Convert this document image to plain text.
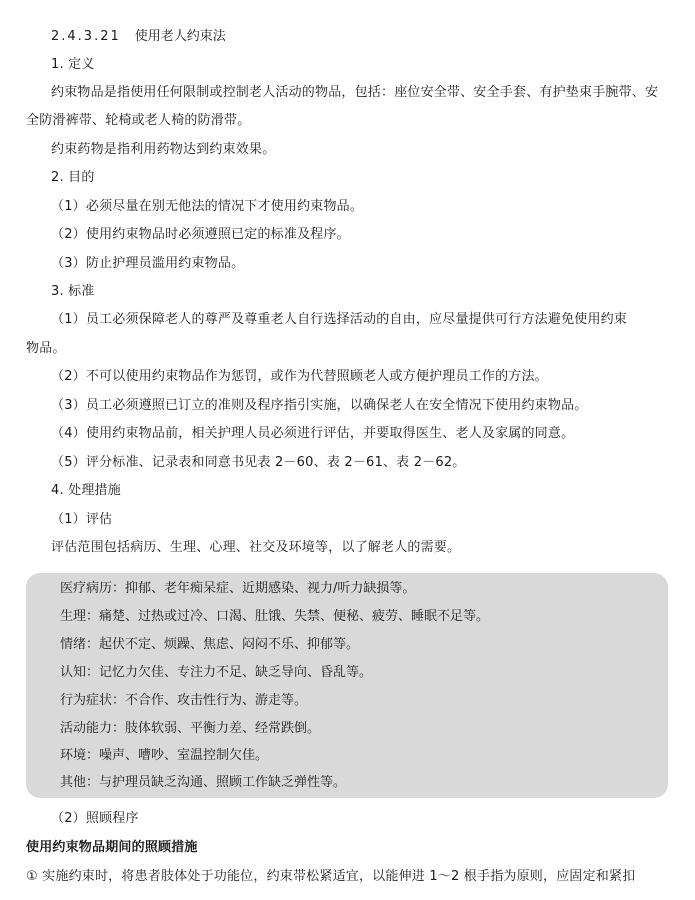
2.4.3.21 使用老人约束法
1. 定义
约束物品是指使用任何限制或控制老人活动的物品，包括：座位安全带、安全手套、有护垫束手腕带、安
全防滑裤带、轮椅或老人椅的防滑带。
约束药物是指利用药物达到约束效果。
2. 目的
（1）必须尽量在别无他法的情况下才使用约束物品。
（2）使用约束物品时必须遵照已定的标准及程序。
（3）防止护理员滥用约束物品。
3. 标准
（1）员工必须保障老人的尊严及尊重老人自行选择活动的自由，应尽量提供可行方法避免使用约束
物品。
（2）不可以使用约束物品作为惩罚，或作为代替照顾老人或方便护理员工作的方法。
（3）员工必须遵照已订立的准则及程序指引实施，以确保老人在安全情况下使用约束物品。
（4）使用约束物品前，相关护理人员必须进行评估，并要取得医生、老人及家属的同意。
（5）评分标准、记录表和同意书见表 2－60、表 2－61、表 2－62。
4. 处理措施
（1）评估
评估范围包括病历、生理、心理、社交及环境等，以了解老人的需要。
医疗病历：抑郁、老年痴呆症、近期感染、视力/听力缺损等。
生理：痛楚、过热或过冷、口渴、肚饿、失禁、便秘、疲劳、睡眠不足等。
情绪：起伏不定、烦躁、焦虑、闷闷不乐、抑郁等。
认知：记忆力欠佳、专注力不足、缺乏导向、昏乱等。
行为症状：不合作、攻击性行为、游走等。
活动能力：肢体软弱、平衡力差、经常跌倒。
环境：噪声、嘈吵、室温控制欠佳。
其他：与护理员缺乏沟通、照顾工作缺乏弹性等。
（2）照顾程序
使用约束物品期间的照顾措施
① 实施约束时，将患者肢体处于功能位，约束带松紧适宜，以能伸进 1～2 根手指为原则，应固定和紧扣
